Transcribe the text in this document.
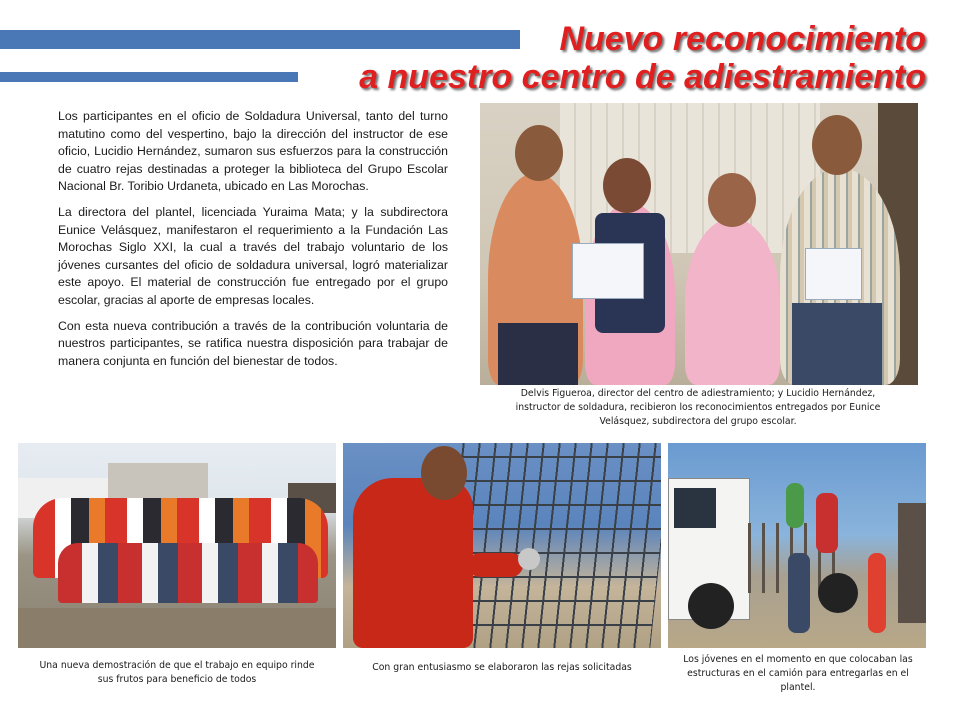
Nuevo reconocimiento
a nuestro centro de adiestramiento

Los participantes en el oficio de Soldadura Universal, tanto del turno matutino como del vespertino, bajo la dirección del instructor de ese oficio, Lucidio Hernández, sumaron sus esfuerzos para la construcción de cuatro rejas destinadas a proteger la biblioteca del Grupo Escolar Nacional Br. Toribio Urdaneta, ubicado en Las Morochas.

La directora del plantel, licenciada Yuraima Mata; y la subdirectora Eunice Velásquez, manifestaron el requerimiento a la Fundación Las Morochas Siglo XXI, la cual a través del trabajo voluntario de los jóvenes cursantes del oficio de soldadura universal, logró materializar este apoyo. El material de construcción fue entregado por el grupo escolar, gracias al aporte de empresas locales.

Con esta nueva contribución a través de la contribución voluntaria de nuestros participantes, se ratifica nuestra disposición para trabajar de manera conjunta en función del bienestar de todos.

Delvis Figueroa, director del centro de adiestramiento; y Lucidio Hernández, instructor de soldadura, recibieron los reconocimientos entregados por Eunice Velásquez, subdirectora del grupo escolar.
Una nueva demostración de que el trabajo en equipo rinde sus frutos para beneficio de todos
Con gran entusiasmo se elaboraron las rejas solicitadas
Los jóvenes en el momento en que colocaban las estructuras en el camión para entregarlas en el plantel.
